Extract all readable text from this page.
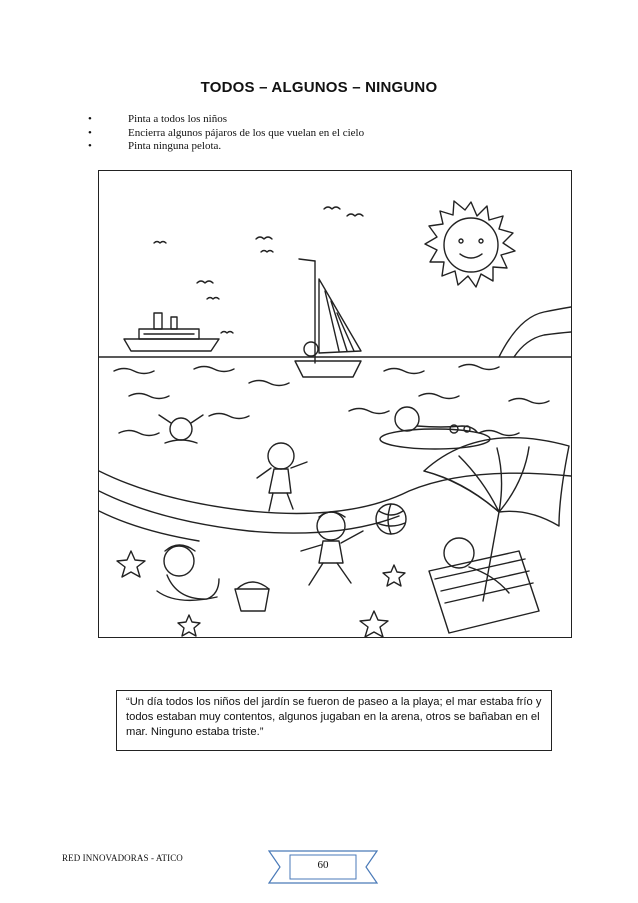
TODOS – ALGUNOS – NINGUNO
•	Pinta a todos los niños
•	Encierra algunos pájaros de los que vuelan en el cielo
•	Pinta ninguna pelota.
“Un día todos los niños del jardín se fueron de paseo a la playa; el mar estaba frío y todos estaban muy contentos, algunos jugaban en la arena, otros se bañaban en el mar. Ninguno estaba triste.”
RED INNOVADORAS - ATICO
60
